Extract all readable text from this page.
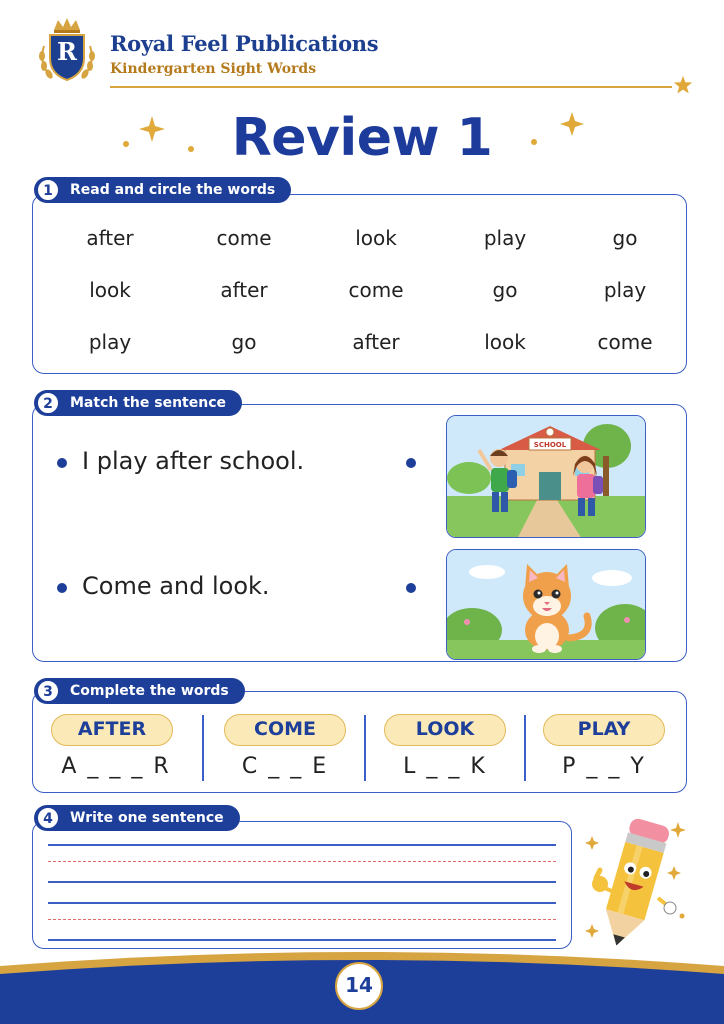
R	Royal Feel Publications
Kindergarten Sight Words
Review 1
1	Read and circle the words
after	come	look	play	go
look	after	come	go	play
play	go	after	look	come
2	Match the sentence
I play after school.
Come and look.
SCHOOL
3	Complete the words
AFTER
A _ _ _ R
COME
C _ _ E
LOOK
L _ _ K
PLAY
P _ _ Y
4	Write one sentence
14
